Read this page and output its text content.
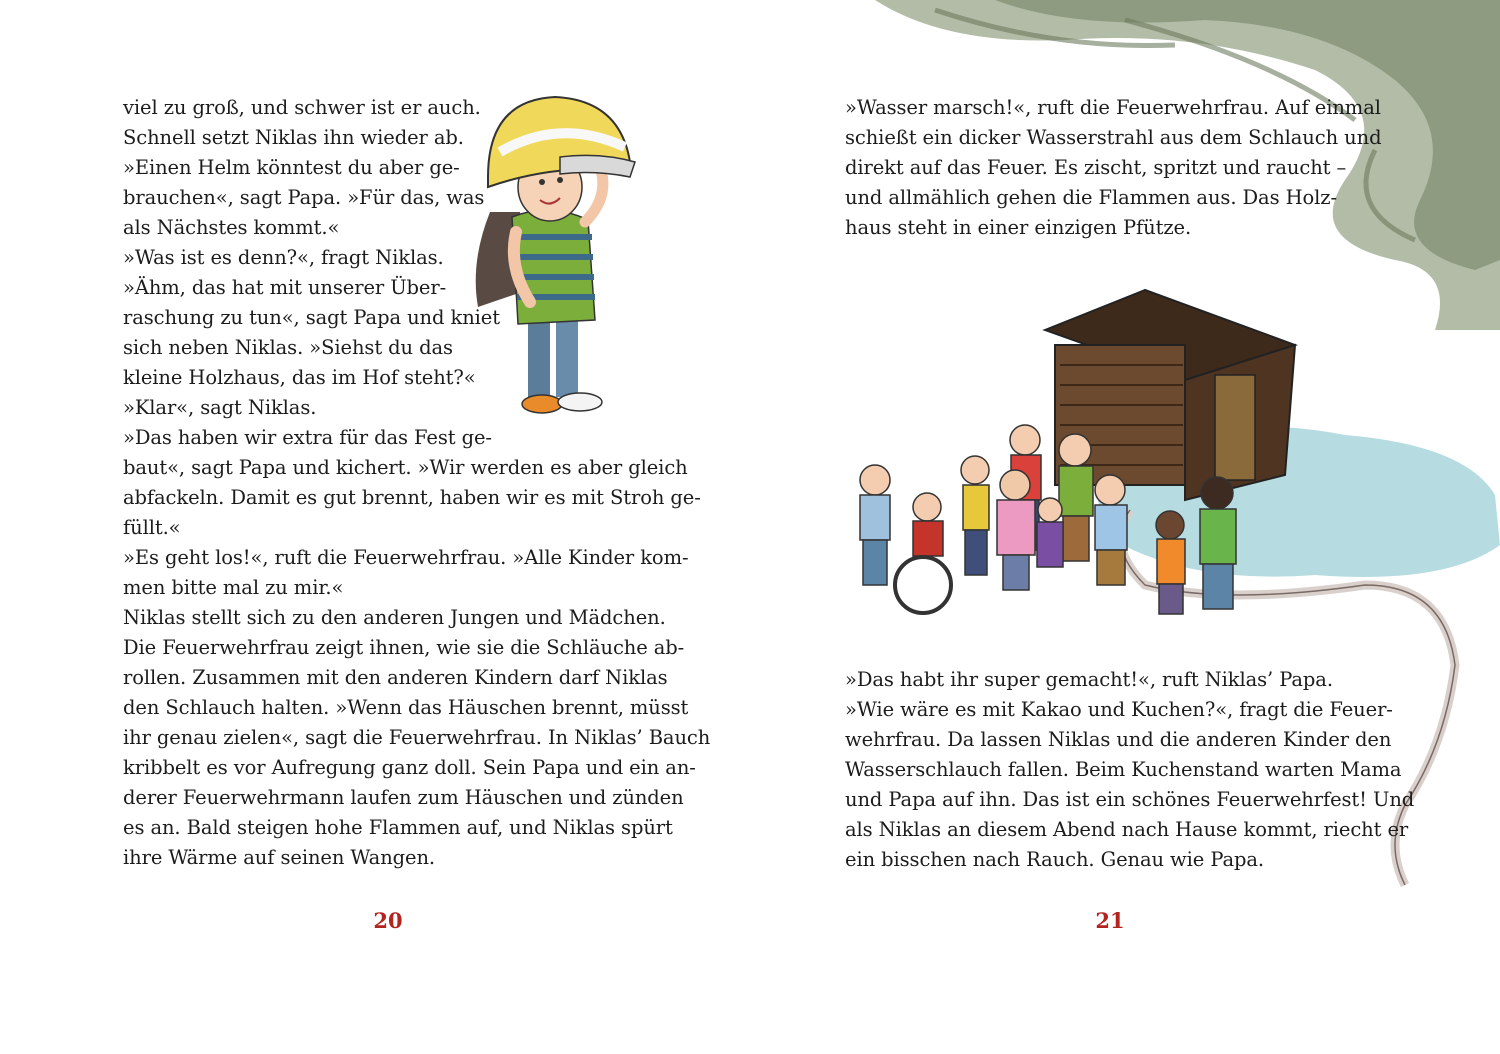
viel zu groß, und schwer ist er auch.
Schnell setzt Niklas ihn wieder ab.
»Einen Helm könntest du aber ge-
brauchen«, sagt Papa. »Für das, was
als Nächstes kommt.«
»Was ist es denn?«, fragt Niklas.
»Ähm, das hat mit unserer Über-
raschung zu tun«, sagt Papa und kniet
sich neben Niklas. »Siehst du das
kleine Holzhaus, das im Hof steht?«
»Klar«, sagt Niklas.
»Das haben wir extra für das Fest ge-
baut«, sagt Papa und kichert. »Wir werden es aber gleich
abfackeln. Damit es gut brennt, haben wir es mit Stroh ge-
füllt.«
»Es geht los!«, ruft die Feuerwehrfrau. »Alle Kinder kom-
men bitte mal zu mir.«
Niklas stellt sich zu den anderen Jungen und Mädchen.
Die Feuerwehrfrau zeigt ihnen, wie sie die Schläuche ab-
rollen. Zusammen mit den anderen Kindern darf Niklas
den Schlauch halten. »Wenn das Häuschen brennt, müsst
ihr genau zielen«, sagt die Feuerwehrfrau. In Niklas’ Bauch
kribbelt es vor Aufregung ganz doll. Sein Papa und ein an-
derer Feuerwehrmann laufen zum Häuschen und zünden
es an. Bald steigen hohe Flammen auf, und Niklas spürt
ihre Wärme auf seinen Wangen.
20
»Wasser marsch!«, ruft die Feuerwehrfrau. Auf einmal
schießt ein dicker Wasserstrahl aus dem Schlauch und
direkt auf das Feuer. Es zischt, spritzt und raucht –
und allmählich gehen die Flammen aus. Das Holz-
haus steht in einer einzigen Pfütze.
»Das habt ihr super gemacht!«, ruft Niklas’ Papa.
»Wie wäre es mit Kakao und Kuchen?«, fragt die Feuer-
wehrfrau. Da lassen Niklas und die anderen Kinder den
Wasserschlauch fallen. Beim Kuchenstand warten Mama
und Papa auf ihn. Das ist ein schönes Feuerwehrfest! Und
als Niklas an diesem Abend nach Hause kommt, riecht er
ein bisschen nach Rauch. Genau wie Papa.
21
